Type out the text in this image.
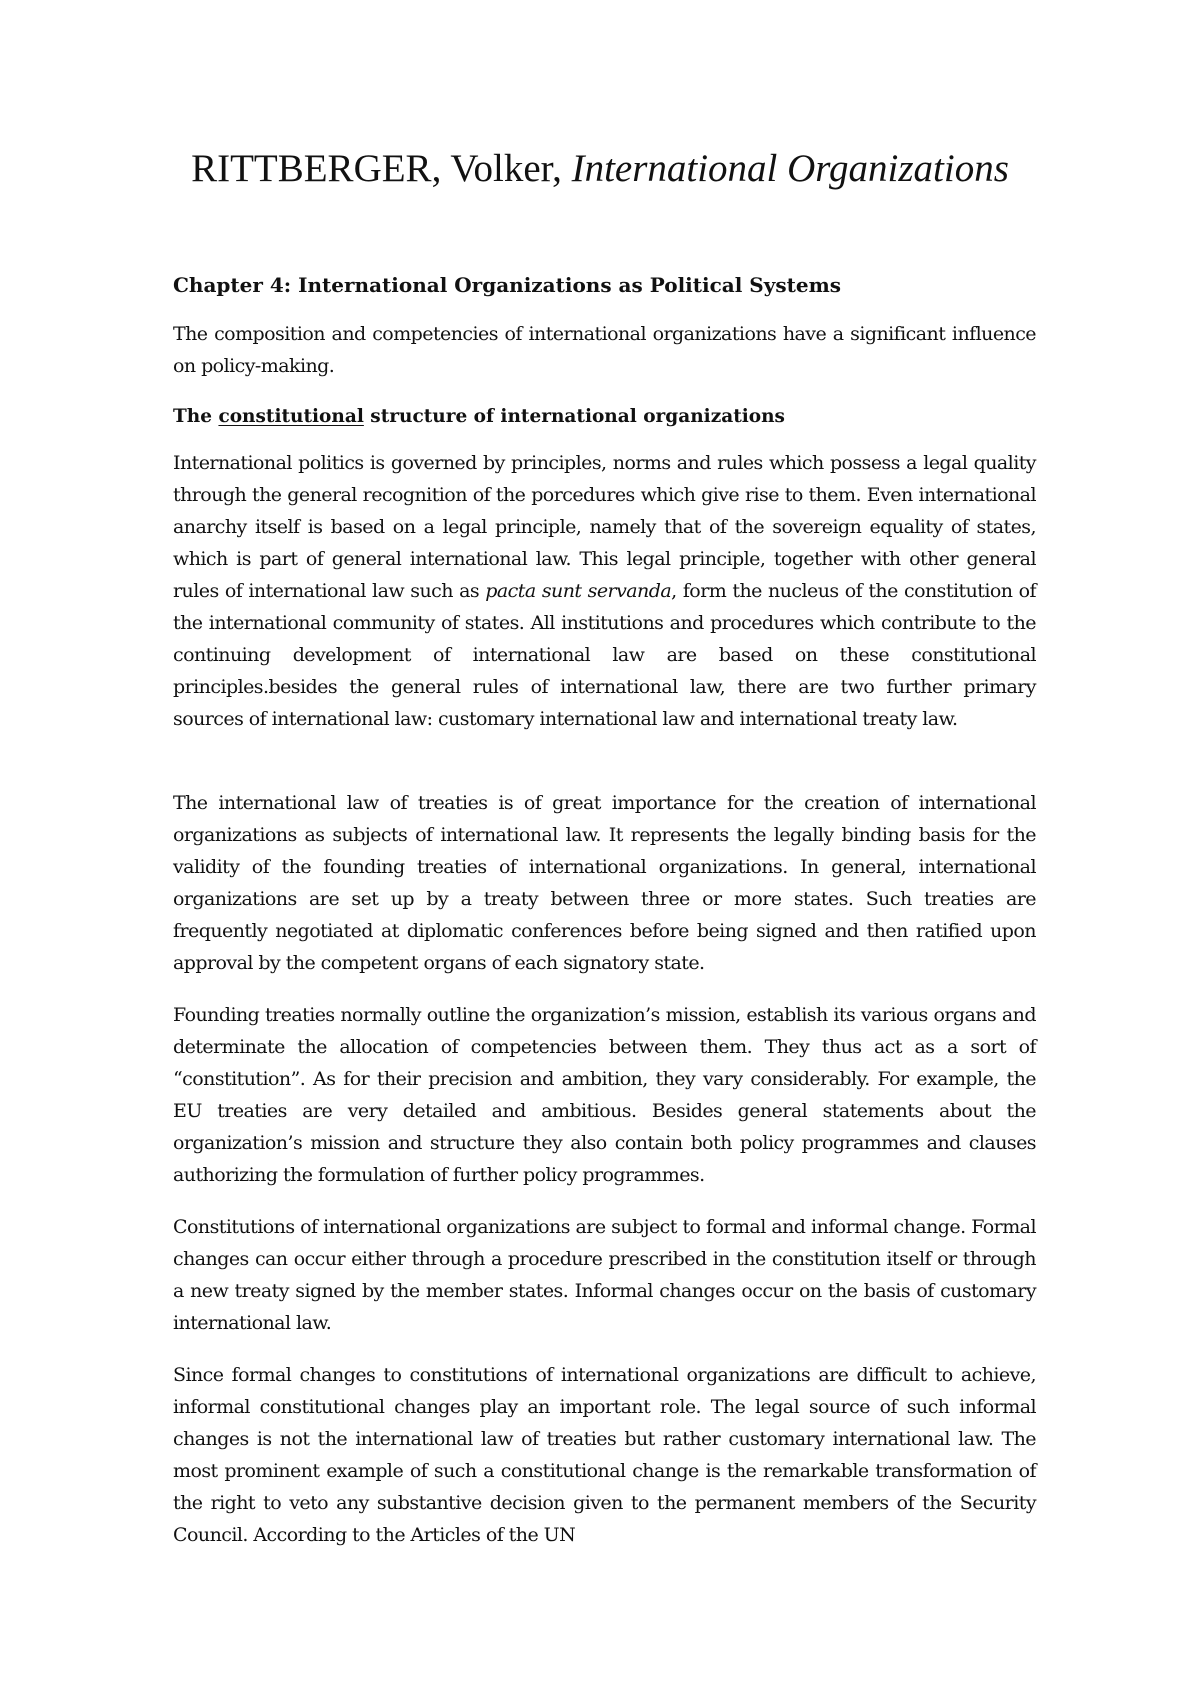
RITTBERGER, Volker, International Organizations
Chapter 4: International Organizations as Political Systems

The composition and competencies of international organizations have a significant influence on policy-making.

The constitutional structure of international organizations

International politics is governed by principles, norms and rules which possess a legal quality through the general recognition of the porcedures which give rise to them. Even international anarchy itself is based on a legal principle, namely that of the sovereign equality of states, which is part of general international law. This legal principle, together with other general rules of international law such as pacta sunt servanda, form the nucleus of the constitution of the international community of states. All institutions and procedures which contribute to the continuing development of international law are based on these constitutional principles.besides the general rules of international law, there are two further primary sources of international law: customary international law and international treaty law.

The international law of treaties is of great importance for the creation of international organizations as subjects of international law. It represents the legally binding basis for the validity of the founding treaties of international organizations. In general, international organizations are set up by a treaty between three or more states. Such treaties are frequently negotiated at diplomatic conferences before being signed and then ratified upon approval by the competent organs of each signatory state.

Founding treaties normally outline the organization’s mission, establish its various organs and determinate the allocation of competencies between them. They thus act as a sort of “constitution”. As for their precision and ambition, they vary considerably. For example, the EU treaties are very detailed and ambitious. Besides general statements about the organization’s mission and structure they also contain both policy programmes and clauses authorizing the formulation of further policy programmes.

Constitutions of international organizations are subject to formal and informal change. Formal changes can occur either through a procedure prescribed in the constitution itself or through a new treaty signed by the member states. Informal changes occur on the basis of customary international law.

Since formal changes to constitutions of international organizations are difficult to achieve, informal constitutional changes play an important role. The legal source of such informal changes is not the international law of treaties but rather customary international law. The most prominent example of such a constitutional change is the remarkable transformation of the right to veto any substantive decision given to the permanent members of the Security Council. According to the Articles of the UN
